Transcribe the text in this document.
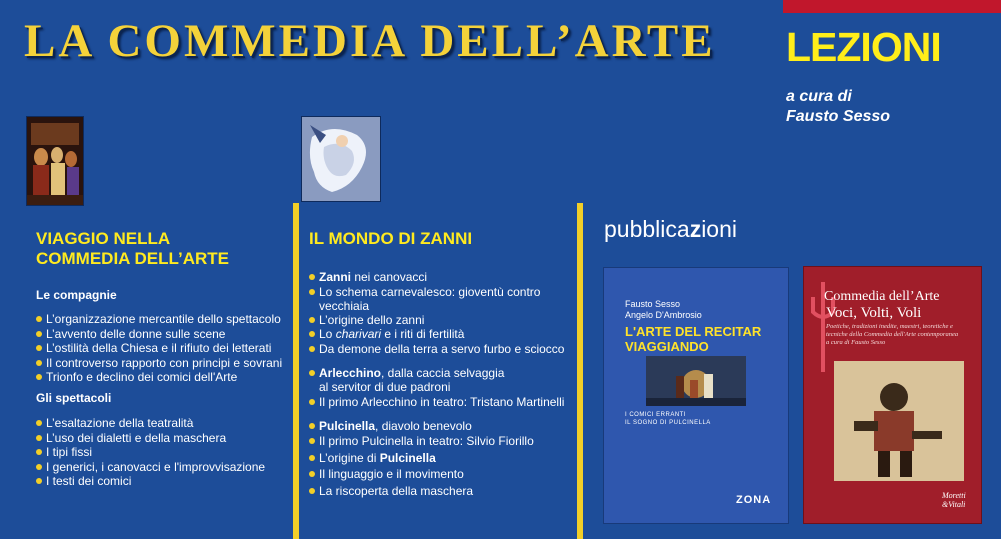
LA COMMEDIA DELL’ARTE LEZIONI
a cura di
Fausto Sesso
VIAGGIO NELLA
COMMEDIA DELL’ARTE
Le compagnie
L’organizzazione mercantile dello spettacolo
L’avvento delle donne sulle scene
L’ostilità della Chiesa e il rifiuto dei letterati
Il controverso rapporto con principi e sovrani
Trionfo e declino dei comici dell'Arte
Gli spettacoli
L’esaltazione della teatralità
L’uso dei dialetti e della maschera
I tipi fissi
I generici, i canovacci e l'improvvisazione
I testi dei comici
IL MONDO DI ZANNI
Zanni nei canovacci
Lo schema carnevalesco: gioventù contro
vecchiaia
L’origine dello zanni
Lo charivari e i riti di fertilità
Da demone della terra a servo furbo e sciocco
Arlecchino, dalla caccia selvaggia
al servitor di due padroni
Il primo Arlecchino in teatro: Tristano Martinelli
Pulcinella, diavolo benevolo
Il primo Pulcinella in teatro: Silvio Fiorillo
L’origine di Pulcinella
Il linguaggio e il movimento
La riscoperta della maschera
pubblicazioni
Fausto Sesso
Angelo D'Ambrosio
L'ARTE DEL RECITAR
VIAGGIANDO
I COMICI ERRANTI
IL SOGNO DI PULCINELLA
ZONA
Commedia dell’Arte
Voci, Volti, Voli
Poetiche, tradizioni inedite, maestri, teoretiche e
tecniche della Commedia dell'Arte contemporanea
a cura di Fausto Sesso
Moretti
&Vitali
